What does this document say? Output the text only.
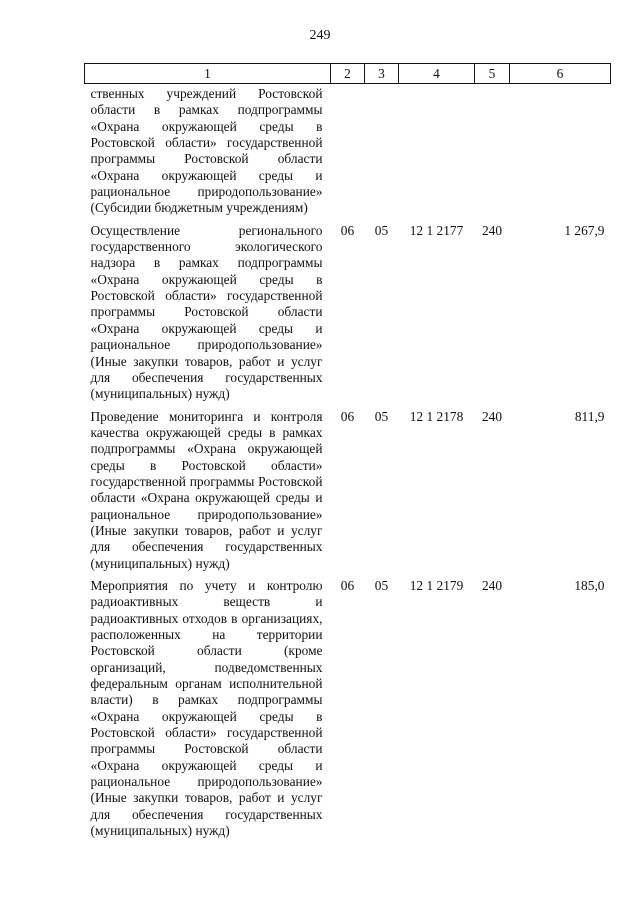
249
1	2	3	4	5	6
ственных учреждений Ростовской области в рамках подпрограммы «Охрана окружающей среды в Ростовской области» государственной программы Ростовской области «Охрана окружающей среды и рациональное природопользование» (Субсидии бюджетным учреждениям)					
Осуществление регионального государственного экологического надзора в рамках подпрограммы «Охрана окружающей среды в Ростовской области» государственной программы Ростовской области «Охрана окружающей среды и рациональное природопользование» (Иные закупки товаров, работ и услуг для обеспечения государственных (муниципальных) нужд)	06	05	12 1 2177	240	1 267,9
Проведение мониторинга и контроля качества окружающей среды в рамках подпрограммы «Охрана окружающей среды в Ростовской области» государственной программы Ростовской области «Охрана окружающей среды и рациональное природопользование» (Иные закупки товаров, работ и услуг для обеспечения государственных (муниципальных) нужд)	06	05	12 1 2178	240	811,9
Мероприятия по учету и контролю радиоактивных веществ и радиоактивных отходов в организациях, расположенных на территории Ростовской области (кроме организаций, подведомственных федеральным органам исполнительной власти) в рамках подпрограммы «Охрана окружающей среды в Ростовской области» государственной программы Ростовской области «Охрана окружающей среды и рациональное природопользование» (Иные закупки товаров, работ и услуг для обеспечения государственных (муниципальных) нужд)	06	05	12 1 2179	240	185,0
